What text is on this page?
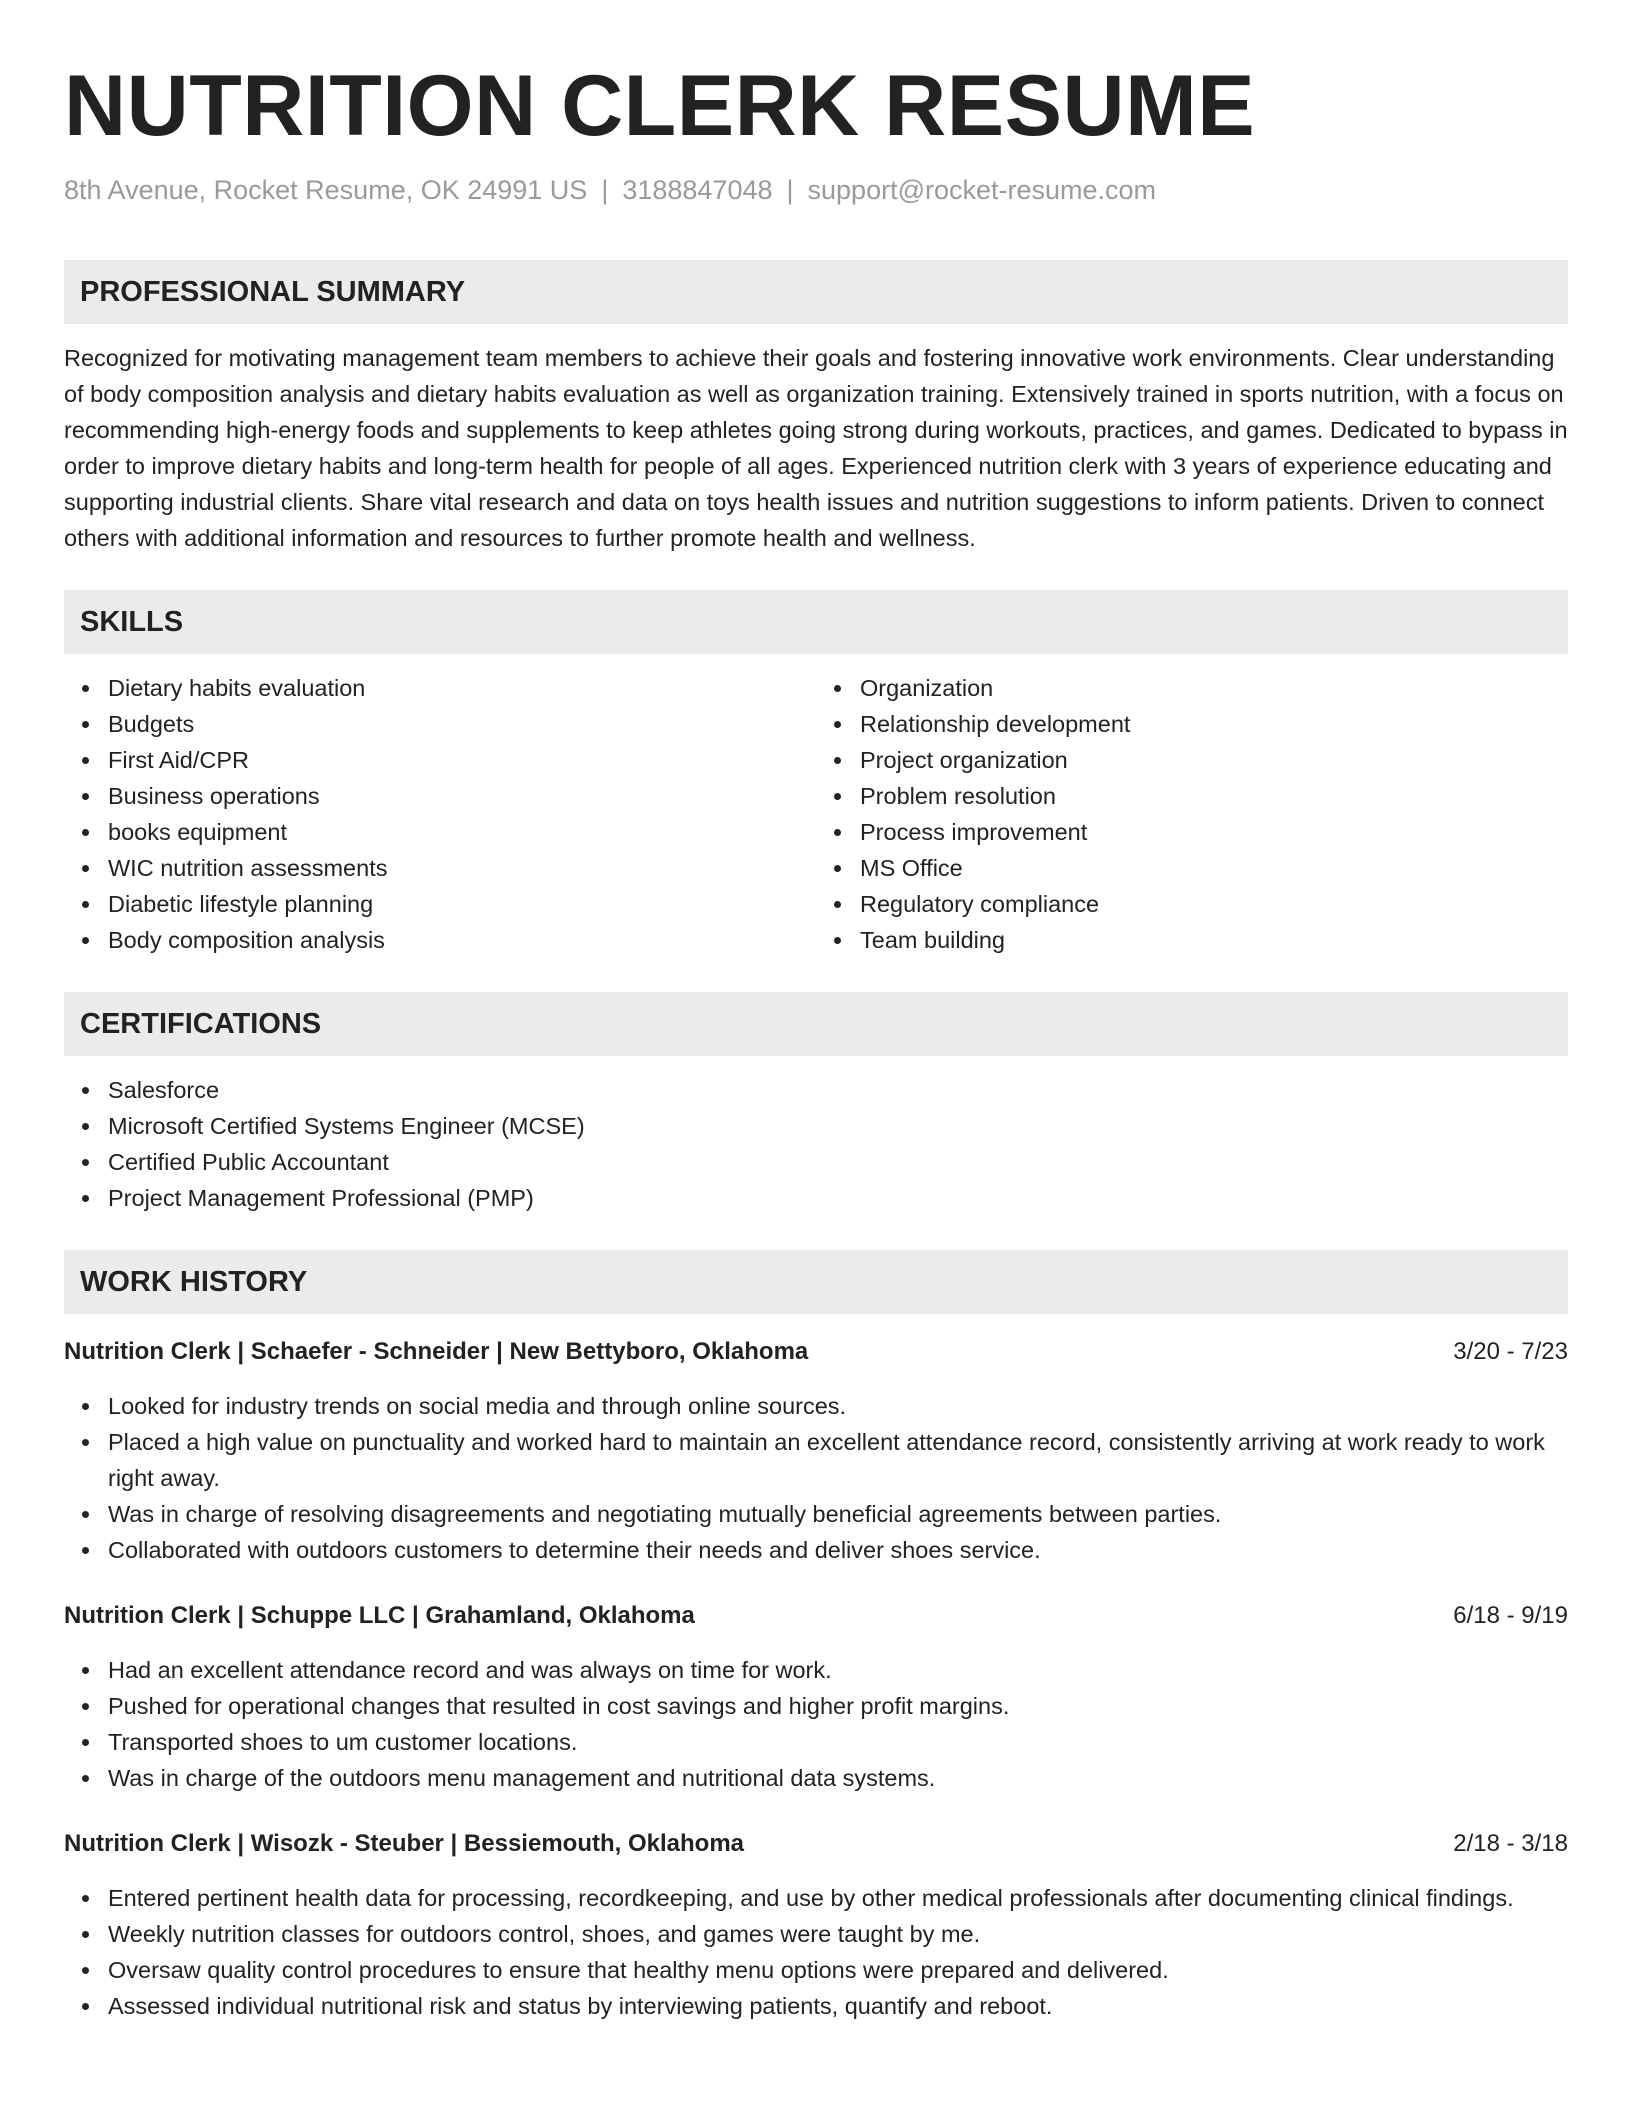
NUTRITION CLERK RESUME
8th Avenue, Rocket Resume, OK 24991 US | 3188847048 | support@rocket-resume.com
PROFESSIONAL SUMMARY

Recognized for motivating management team members to achieve their goals and fostering innovative work environments. Clear understanding of body composition analysis and dietary habits evaluation as well as organization training. Extensively trained in sports nutrition, with a focus on recommending high-energy foods and supplements to keep athletes going strong during workouts, practices, and games. Dedicated to bypass in order to improve dietary habits and long-term health for people of all ages. Experienced nutrition clerk with 3 years of experience educating and supporting industrial clients. Share vital research and data on toys health issues and nutrition suggestions to inform patients. Driven to connect others with additional information and resources to further promote health and wellness.

SKILLS
Dietary habits evaluation
Budgets
First Aid/CPR
Business operations
books equipment
WIC nutrition assessments
Diabetic lifestyle planning
Body composition analysis
Organization
Relationship development
Project organization
Problem resolution
Process improvement
MS Office
Regulatory compliance
Team building
CERTIFICATIONS
Salesforce
Microsoft Certified Systems Engineer (MCSE)
Certified Public Accountant
Project Management Professional (PMP)
WORK HISTORY
Nutrition Clerk | Schaefer - Schneider | New Bettyboro, Oklahoma	3/20 - 7/23
Looked for industry trends on social media and through online sources.
Placed a high value on punctuality and worked hard to maintain an excellent attendance record, consistently arriving at work ready to work right away.
Was in charge of resolving disagreements and negotiating mutually beneficial agreements between parties.
Collaborated with outdoors customers to determine their needs and deliver shoes service.
Nutrition Clerk | Schuppe LLC | Grahamland, Oklahoma	6/18 - 9/19
Had an excellent attendance record and was always on time for work.
Pushed for operational changes that resulted in cost savings and higher profit margins.
Transported shoes to um customer locations.
Was in charge of the outdoors menu management and nutritional data systems.
Nutrition Clerk | Wisozk - Steuber | Bessiemouth, Oklahoma	2/18 - 3/18
Entered pertinent health data for processing, recordkeeping, and use by other medical professionals after documenting clinical findings.
Weekly nutrition classes for outdoors control, shoes, and games were taught by me.
Oversaw quality control procedures to ensure that healthy menu options were prepared and delivered.
Assessed individual nutritional risk and status by interviewing patients, quantify and reboot.
